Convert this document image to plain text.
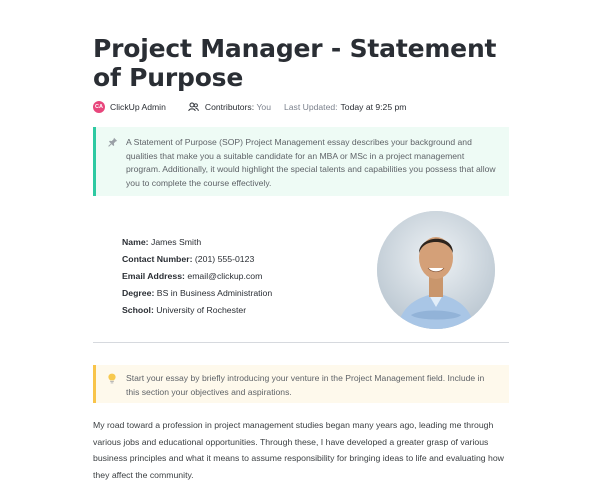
Project Manager - Statement of Purpose
CA ClickUp Admin	Contributors: You Last Updated: Today at 9:25 pm

A Statement of Purpose (SOP) Project Management essay describes your background and qualities that make you a suitable candidate for an MBA or MSc in a project management program. Additionally, it would highlight the special talents and capabilities you possess that allow you to complete the course effectively.

Name: James Smith
Contact Number: (201) 555-0123
Email Address: email@clickup.com
Degree: BS in Business Administration
School: University of Rochester

Start your essay by briefly introducing your venture in the Project Management field. Include in this section your objectives and aspirations.

My road toward a profession in project management studies began many years ago, leading me through various jobs and educational opportunities. Through these, I have developed a greater grasp of various business principles and what it means to assume responsibility for bringing ideas to life and evaluating how they affect the community.
